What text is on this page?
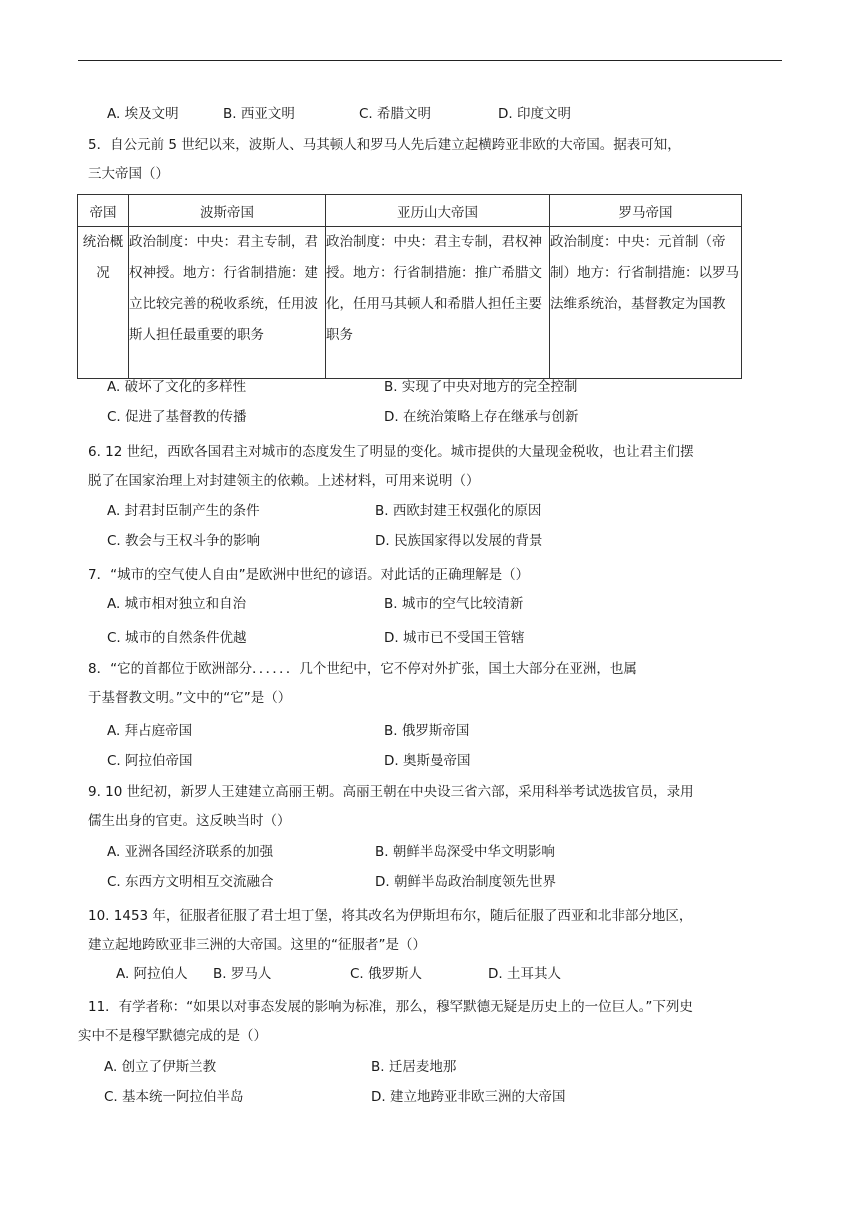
A. 埃及文明	B. 西亚文明	C. 希腊文明	D. 印度文明
5．自公元前 5 世纪以来，波斯人、马其顿人和罗马人先后建立起横跨亚非欧的大帝国。据表可知，
三大帝国（）
帝国	波斯帝国	亚历山大帝国	罗马帝国
统治概况	政治制度：中央：君主专制，君权神授。地方：行省制措施：建立比较完善的税收系统，任用波斯人担任最重要的职务	政治制度：中央：君主专制，君权神授。地方：行省制措施：推广希腊文化，任用马其顿人和希腊人担任主要职务	政治制度：中央：元首制（帝制）地方：行省制措施：以罗马法维系统治，基督教定为国教
A. 破坏了文化的多样性	B. 实现了中央对地方的完全控制
C. 促进了基督教的传播	D. 在统治策略上存在继承与创新
6. 12 世纪，西欧各国君主对城市的态度发生了明显的变化。城市提供的大量现金税收，也让君主们摆
脱了在国家治理上对封建领主的依赖。上述材料，可用来说明（）
A. 封君封臣制产生的条件	B. 西欧封建王权强化的原因
C. 教会与王权斗争的影响	D. 民族国家得以发展的背景
7．“城市的空气使人自由”是欧洲中世纪的谚语。对此话的正确理解是（）
A. 城市相对独立和自治	B. 城市的空气比较清新
C. 城市的自然条件优越	D. 城市已不受国王管辖
8．“它的首都位于欧洲部分．．．．．．几个世纪中，它不停对外扩张，国土大部分在亚洲，也属
于基督教文明。”文中的“它”是（）
A. 拜占庭帝国	B. 俄罗斯帝国
C. 阿拉伯帝国	D. 奥斯曼帝国
9. 10 世纪初，新罗人王建建立高丽王朝。高丽王朝在中央设三省六部，采用科举考试选拔官员，录用
儒生出身的官吏。这反映当时（）
A. 亚洲各国经济联系的加强	B. 朝鲜半岛深受中华文明影响
C. 东西方文明相互交流融合	D. 朝鲜半岛政治制度领先世界
10. 1453 年，征服者征服了君士坦丁堡，将其改名为伊斯坦布尔，随后征服了西亚和北非部分地区，
建立起地跨欧亚非三洲的大帝国。这里的“征服者”是（）
A. 阿拉伯人 B. 罗马人	C. 俄罗斯人	D. 土耳其人
11．有学者称：“如果以对事态发展的影响为标准，那么，穆罕默德无疑是历史上的一位巨人。”下列史
实中不是穆罕默德完成的是（）
A. 创立了伊斯兰教	B. 迁居麦地那
C. 基本统一阿拉伯半岛	D. 建立地跨亚非欧三洲的大帝国
